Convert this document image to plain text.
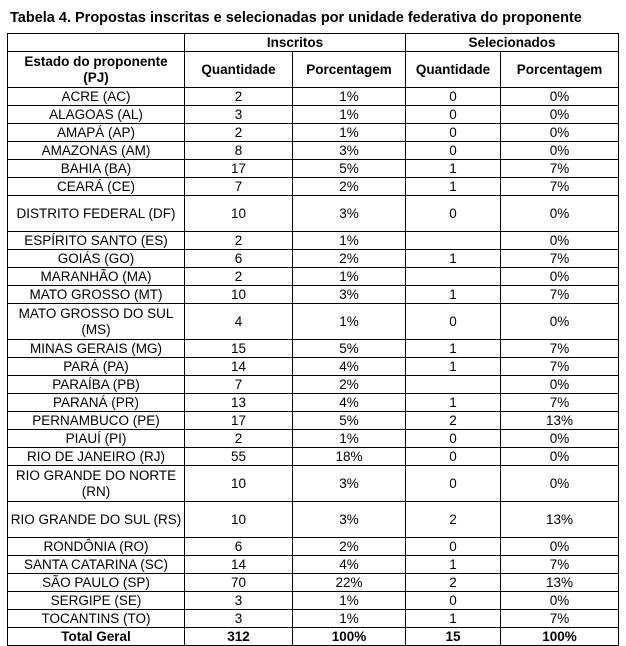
Tabela 4. Propostas inscritas e selecionadas por unidade federativa do proponente
	Inscritos		Selecionados	
Estado do proponente (PJ)	Quantidade	Porcentagem	Quantidade	Porcentagem
ACRE (AC)	2	1%	0	0%
ALAGOAS (AL)	3	1%	0	0%
AMAPÁ (AP)	2	1%	0	0%
AMAZONAS (AM)	8	3%	0	0%
BAHIA (BA)	17	5%	1	7%
CEARÁ (CE)	7	2%	1	7%
DISTRITO FEDERAL (DF)	10	3%	0	0%
ESPÍRITO SANTO (ES)	2	1%		0%
GOIÁS (GO)	6	2%	1	7%
MARANHÃO (MA)	2	1%		0%
MATO GROSSO (MT)	10	3%	1	7%
MATO GROSSO DO SUL (MS)	4	1%	0	0%
MINAS GERAIS (MG)	15	5%	1	7%
PARÁ (PA)	14	4%	1	7%
PARAÍBA (PB)	7	2%		0%
PARANÁ (PR)	13	4%	1	7%
PERNAMBUCO (PE)	17	5%	2	13%
PIAUÍ (PI)	2	1%	0	0%
RIO DE JANEIRO (RJ)	55	18%	0	0%
RIO GRANDE DO NORTE (RN)	10	3%	0	0%
RIO GRANDE DO SUL (RS)	10	3%	2	13%
RONDÔNIA (RO)	6	2%	0	0%
SANTA CATARINA (SC)	14	4%	1	7%
SÃO PAULO (SP)	70	22%	2	13%
SERGIPE (SE)	3	1%	0	0%
TOCANTINS (TO)	3	1%	1	7%
Total Geral	312	100%	15	100%
